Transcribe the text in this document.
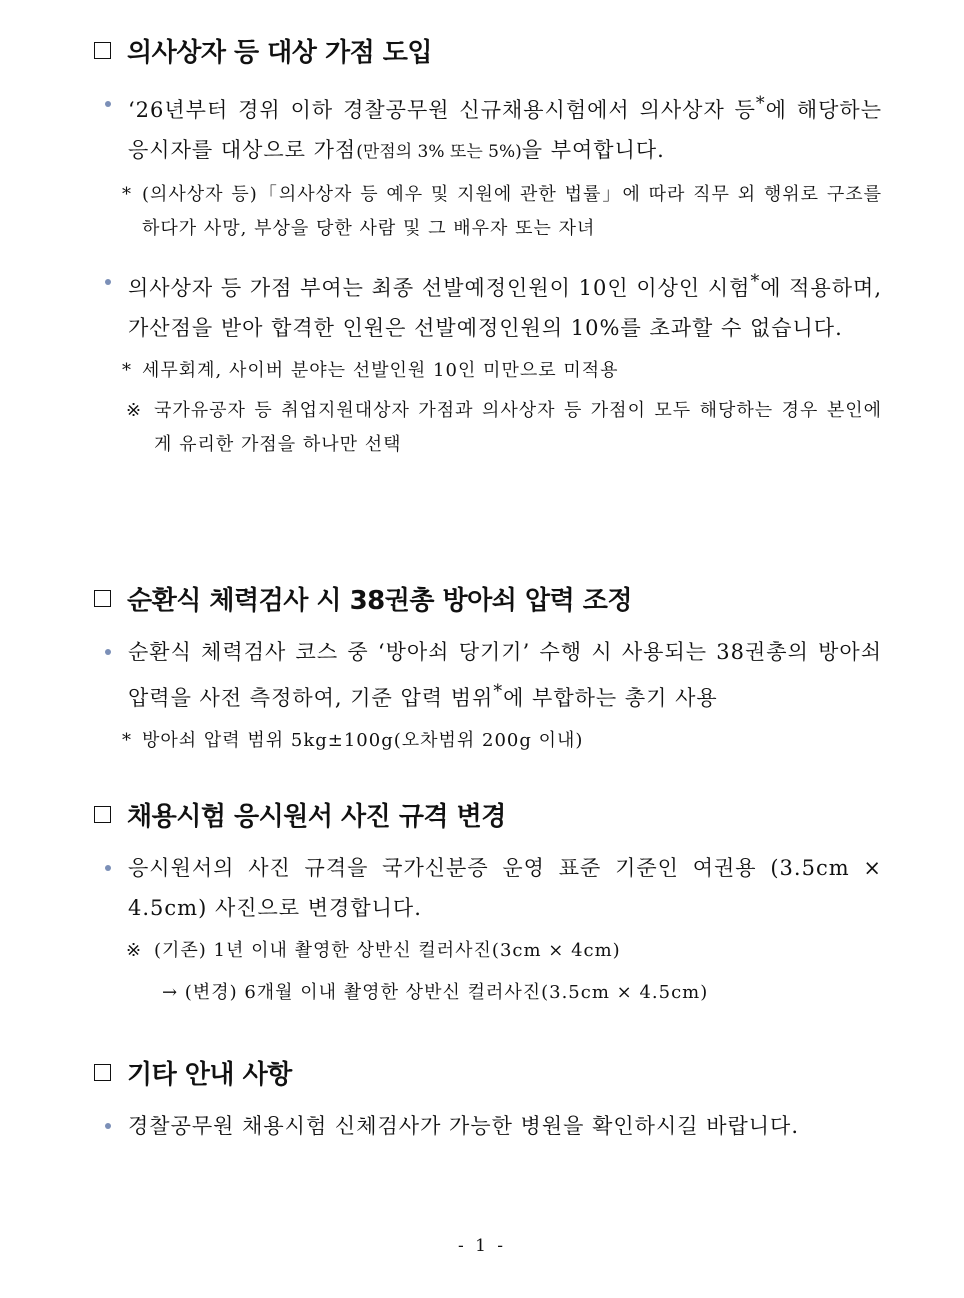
의사상자 등 대상 가점 도입
‘26년부터 경위 이하 경찰공무원 신규채용시험에서 의사상자 등*에 해당하는 응시자를 대상으로 가점(만점의 3% 또는 5%)을 부여합니다.
* (의사상자 등)「의사상자 등 예우 및 지원에 관한 법률」에 따라 직무 외 행위로 구조를 하다가 사망, 부상을 당한 사람 및 그 배우자 또는 자녀
의사상자 등 가점 부여는 최종 선발예정인원이 10인 이상인 시험*에 적용하며, 가산점을 받아 합격한 인원은 선발예정인원의 10%를 초과할 수 없습니다.
* 세무회계, 사이버 분야는 선발인원 10인 미만으로 미적용
※ 국가유공자 등 취업지원대상자 가점과 의사상자 등 가점이 모두 해당하는 경우 본인에게 유리한 가점을 하나만 선택
순환식 체력검사 시 38권총 방아쇠 압력 조정
순환식 체력검사 코스 중 ‘방아쇠 당기기’ 수행 시 사용되는 38권총의 방아쇠 압력을 사전 측정하여, 기준 압력 범위*에 부합하는 총기 사용
* 방아쇠 압력 범위 5kg±100g(오차범위 200g 이내)
채용시험 응시원서 사진 규격 변경
응시원서의 사진 규격을 국가신분증 운영 표준 기준인 여권용 (3.5cm × 4.5cm) 사진으로 변경합니다.
※ (기존) 1년 이내 촬영한 상반신 컬러사진(3cm × 4cm)
→ (변경) 6개월 이내 촬영한 상반신 컬러사진(3.5cm × 4.5cm)
기타 안내 사항
경찰공무원 채용시험 신체검사가 가능한 병원을 확인하시길 바랍니다.
- 1 -
